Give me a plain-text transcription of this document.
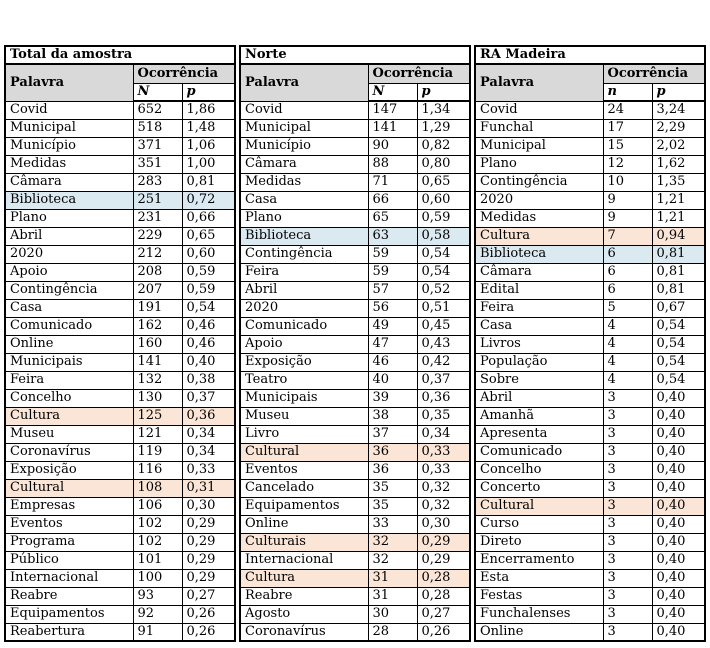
Total da amostra		
Palavra	Ocorrência	
	N	p
Covid	652	1,86
Municipal	518	1,48
Município	371	1,06
Medidas	351	1,00
Câmara	283	0,81
Biblioteca	251	0,72
Plano	231	0,66
Abril	229	0,65
2020	212	0,60
Apoio	208	0,59
Contingência	207	0,59
Casa	191	0,54
Comunicado	162	0,46
Online	160	0,46
Municipais	141	0,40
Feira	132	0,38
Concelho	130	0,37
Cultura	125	0,36
Museu	121	0,34
Coronavírus	119	0,34
Exposição	116	0,33
Cultural	108	0,31
Empresas	106	0,30
Eventos	102	0,29
Programa	102	0,29
Público	101	0,29
Internacional	100	0,29
Reabre	93	0,27
Equipamentos	92	0,26
Reabertura	91	0,26
Norte		
Palavra	Ocorrência	
	N	p
Covid	147	1,34
Municipal	141	1,29
Município	90	0,82
Câmara	88	0,80
Medidas	71	0,65
Casa	66	0,60
Plano	65	0,59
Biblioteca	63	0,58
Contingência	59	0,54
Feira	59	0,54
Abril	57	0,52
2020	56	0,51
Comunicado	49	0,45
Apoio	47	0,43
Exposição	46	0,42
Teatro	40	0,37
Municipais	39	0,36
Museu	38	0,35
Livro	37	0,34
Cultural	36	0,33
Eventos	36	0,33
Cancelado	35	0,32
Equipamentos	35	0,32
Online	33	0,30
Culturais	32	0,29
Internacional	32	0,29
Cultura	31	0,28
Reabre	31	0,28
Agosto	30	0,27
Coronavírus	28	0,26
RA Madeira		
Palavra	Ocorrência	
	n	p
Covid	24	3,24
Funchal	17	2,29
Municipal	15	2,02
Plano	12	1,62
Contingência	10	1,35
2020	9	1,21
Medidas	9	1,21
Cultura	7	0,94
Biblioteca	6	0,81
Câmara	6	0,81
Edital	6	0,81
Feira	5	0,67
Casa	4	0,54
Livros	4	0,54
População	4	0,54
Sobre	4	0,54
Abril	3	0,40
Amanhã	3	0,40
Apresenta	3	0,40
Comunicado	3	0,40
Concelho	3	0,40
Concerto	3	0,40
Cultural	3	0,40
Curso	3	0,40
Direto	3	0,40
Encerramento	3	0,40
Esta	3	0,40
Festas	3	0,40
Funchalenses	3	0,40
Online	3	0,40
